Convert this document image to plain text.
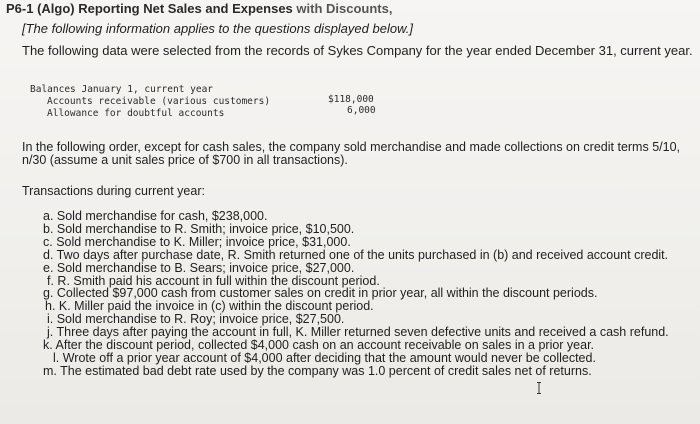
P6-1 (Algo) Reporting Net Sales and Expenses with Discounts,
[The following information applies to the questions displayed below.]
The following data were selected from the records of Sykes Company for the year ended December 31, current year.
Balances January 1, current year
Accounts receivable (various customers)
Allowance for doubtful accounts
$118,000
6,000
In the following order, except for cash sales, the company sold merchandise and made collections on credit terms 5/10,
n/30 (assume a unit sales price of $700 in all transactions).
Transactions during current year:
a. Sold merchandise for cash, $238,000.
b. Sold merchandise to R. Smith; invoice price, $10,500.
c. Sold merchandise to K. Miller; invoice price, $31,000.
d. Two days after purchase date, R. Smith returned one of the units purchased in (b) and received account credit.
e. Sold merchandise to B. Sears; invoice price, $27,000.
f. R. Smith paid his account in full within the discount period.
g. Collected $97,000 cash from customer sales on credit in prior year, all within the discount periods.
h. K. Miller paid the invoice in (c) within the discount period.
i. Sold merchandise to R. Roy; invoice price, $27,500.
j. Three days after paying the account in full, K. Miller returned seven defective units and received a cash refund.
k. After the discount period, collected $4,000 cash on an account receivable on sales in a prior year.
l. Wrote off a prior year account of $4,000 after deciding that the amount would never be collected.
m. The estimated bad debt rate used by the company was 1.0 percent of credit sales net of returns.
